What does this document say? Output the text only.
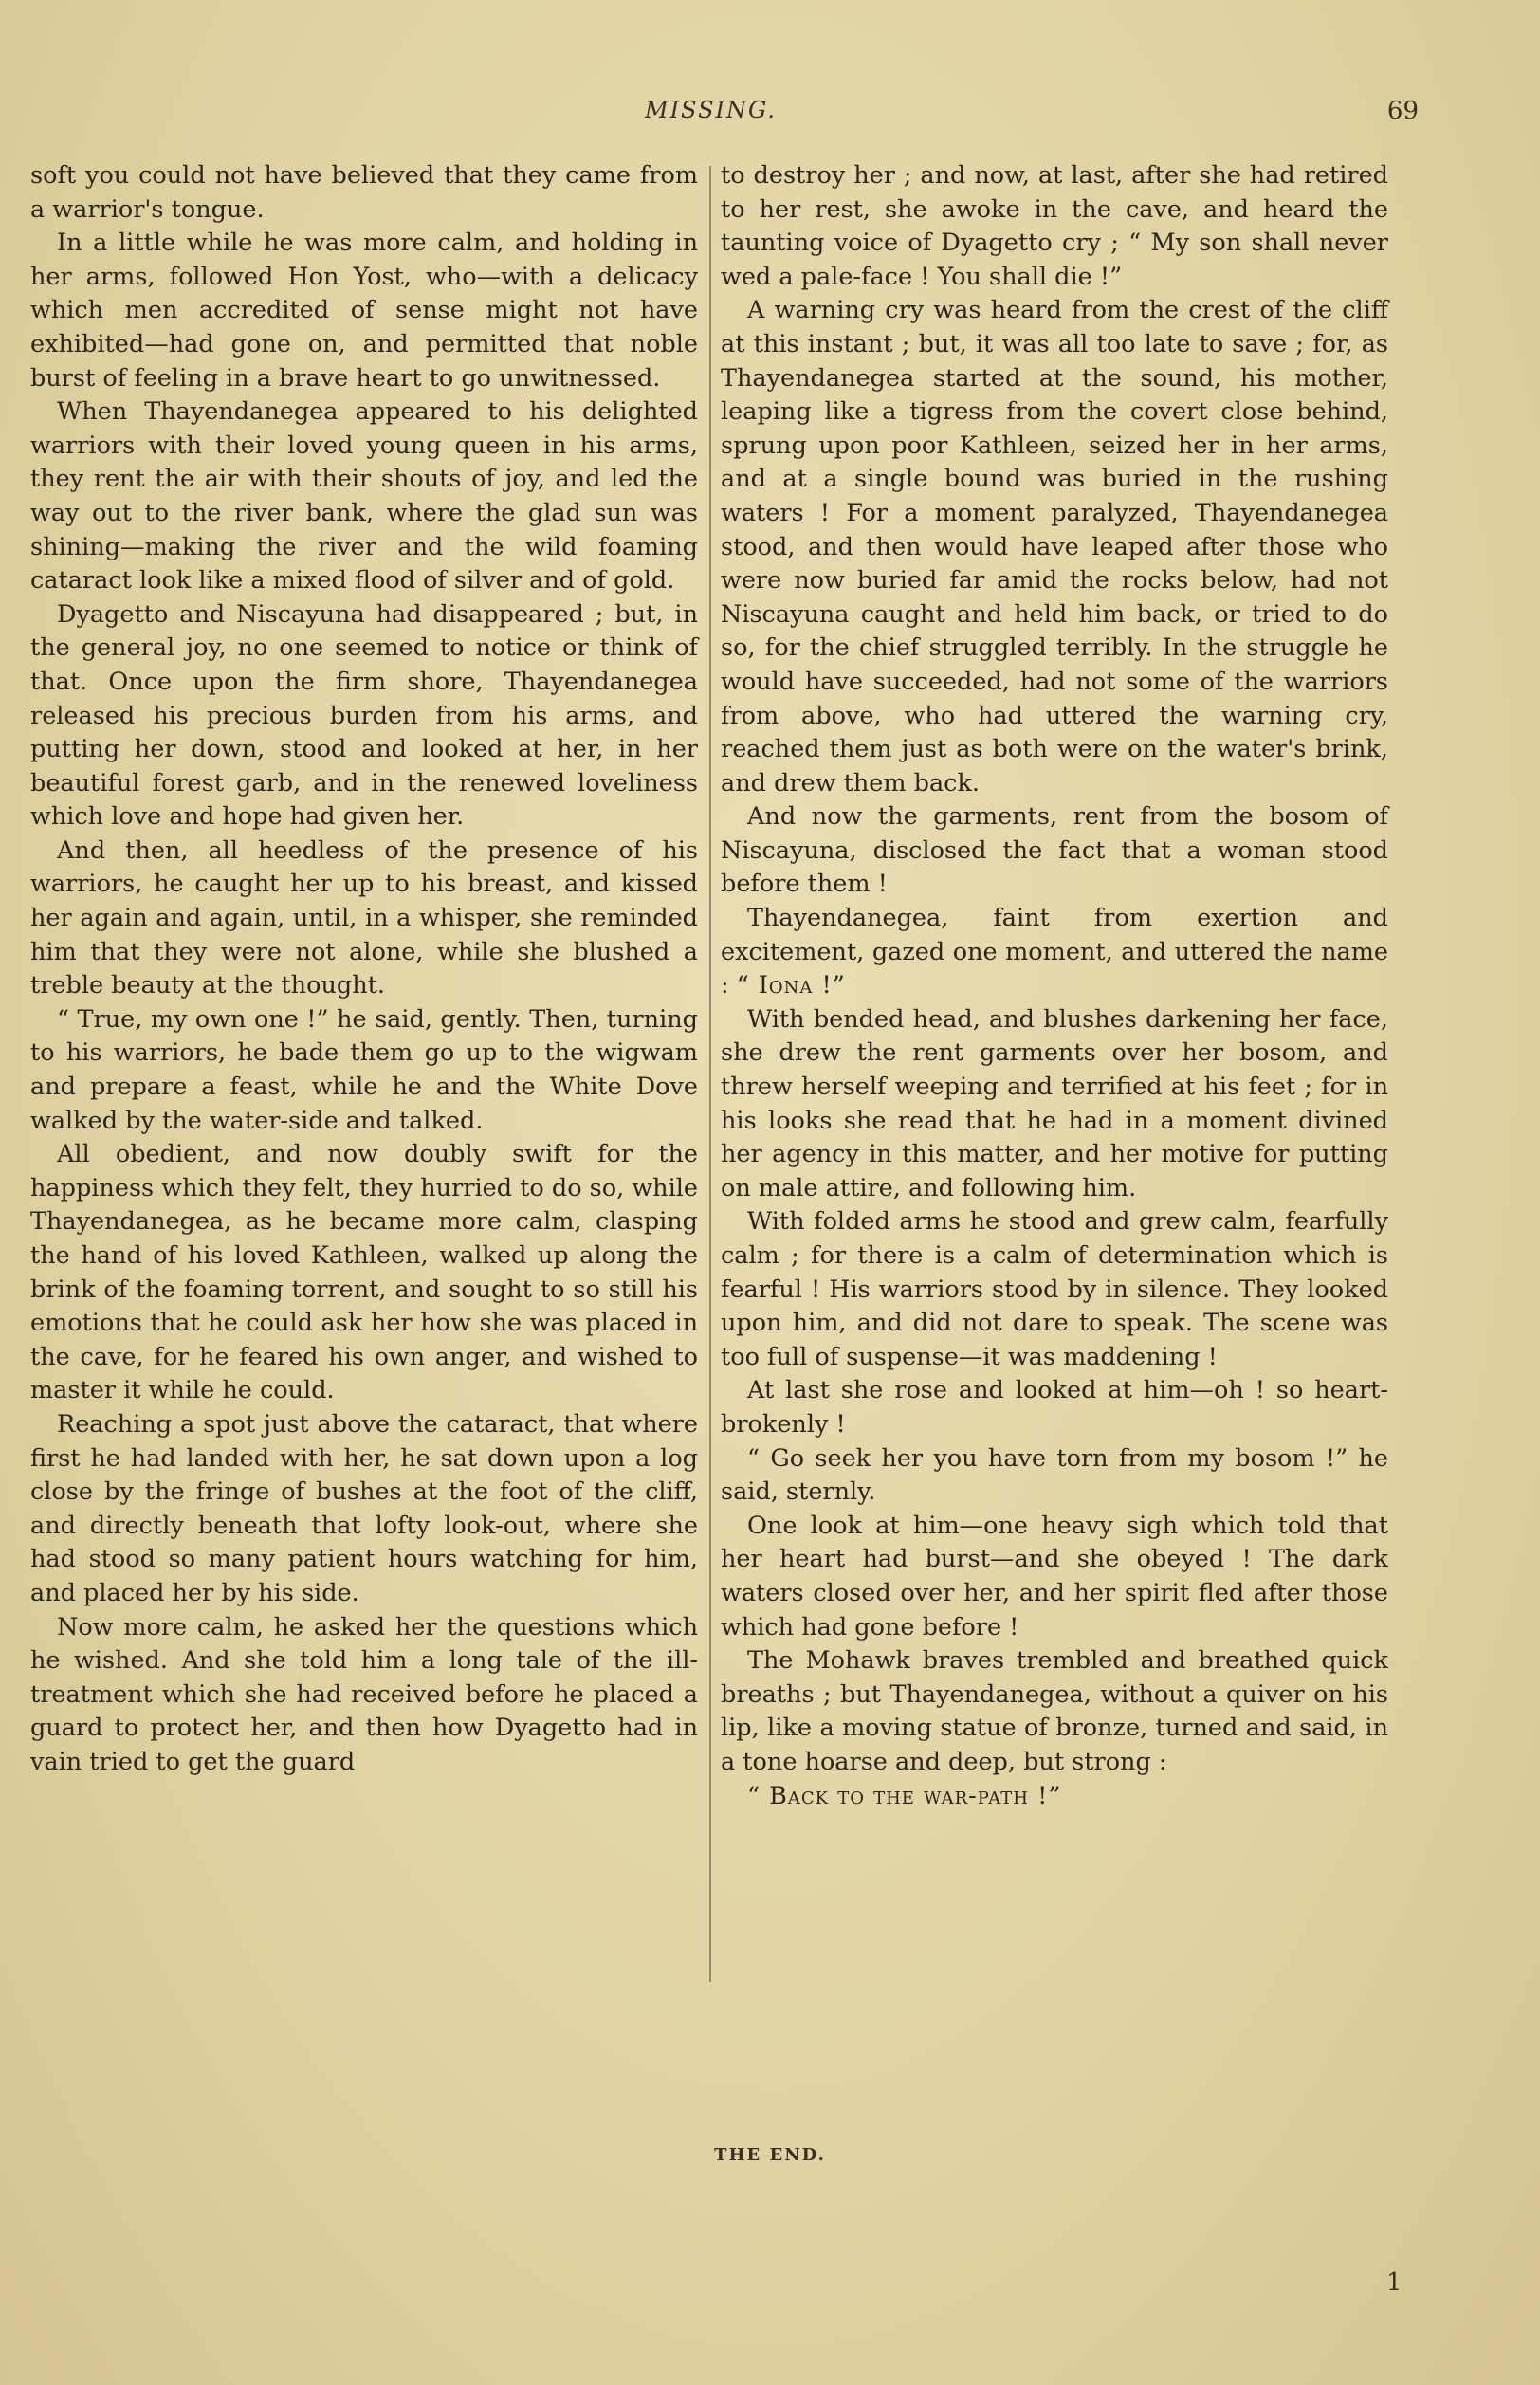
MISSING.	69

soft you could not have believed that they came from a warrior's tongue.

In a little while he was more calm, and holding in her arms, followed Hon Yost, who—with a delicacy which men accredited of sense might not have exhibited—had gone on, and permitted that noble burst of feeling in a brave heart to go unwitnessed.

When Thayendanegea appeared to his delighted warriors with their loved young queen in his arms, they rent the air with their shouts of joy, and led the way out to the river bank, where the glad sun was shining—making the river and the wild foaming cataract look like a mixed flood of silver and of gold.

Dyagetto and Niscayuna had disappeared ; but, in the general joy, no one seemed to notice or think of that. Once upon the firm shore, Thayendanegea released his precious burden from his arms, and putting her down, stood and looked at her, in her beautiful forest garb, and in the renewed loveliness which love and hope had given her.

And then, all heedless of the presence of his warriors, he caught her up to his breast, and kissed her again and again, until, in a whisper, she reminded him that they were not alone, while she blushed a treble beauty at the thought.

“ True, my own one !” he said, gently. Then, turning to his warriors, he bade them go up to the wigwam and prepare a feast, while he and the White Dove walked by the water-side and talked.

All obedient, and now doubly swift for the happiness which they felt, they hurried to do so, while Thayendanegea, as he became more calm, clasping the hand of his loved Kathleen, walked up along the brink of the foaming torrent, and sought to so still his emotions that he could ask her how she was placed in the cave, for he feared his own anger, and wished to master it while he could.

Reaching a spot just above the cataract, that where first he had landed with her, he sat down upon a log close by the fringe of bushes at the foot of the cliff, and directly beneath that lofty look-out, where she had stood so many patient hours watching for him, and placed her by his side.

Now more calm, he asked her the questions which he wished. And she told him a long tale of the ill-treatment which she had received before he placed a guard to protect her, and then how Dyagetto had in vain tried to get the guard

to destroy her ; and now, at last, after she had retired to her rest, she awoke in the cave, and heard the taunting voice of Dyagetto cry ; “ My son shall never wed a pale-face ! You shall die !”

A warning cry was heard from the crest of the cliff at this instant ; but, it was all too late to save ; for, as Thayendanegea started at the sound, his mother, leaping like a tigress from the covert close behind, sprung upon poor Kathleen, seized her in her arms, and at a single bound was buried in the rushing waters ! For a moment paralyzed, Thayendanegea stood, and then would have leaped after those who were now buried far amid the rocks below, had not Niscayuna caught and held him back, or tried to do so, for the chief struggled terribly. In the struggle he would have succeeded, had not some of the warriors from above, who had uttered the warning cry, reached them just as both were on the water's brink, and drew them back.

And now the garments, rent from the bosom of Niscayuna, disclosed the fact that a woman stood before them !

Thayendanegea, faint from exertion and excitement, gazed one moment, and uttered the name : “ Iona !”

With bended head, and blushes darkening her face, she drew the rent garments over her bosom, and threw herself weeping and terrified at his feet ; for in his looks she read that he had in a moment divined her agency in this matter, and her motive for putting on male attire, and following him.

With folded arms he stood and grew calm, fearfully calm ; for there is a calm of determination which is fearful ! His warriors stood by in silence. They looked upon him, and did not dare to speak. The scene was too full of suspense—it was maddening !

At last she rose and looked at him—oh ! so heart-brokenly !

“ Go seek her you have torn from my bosom !” he said, sternly.

One look at him—one heavy sigh which told that her heart had burst—and she obeyed ! The dark waters closed over her, and her spirit fled after those which had gone before !

The Mohawk braves trembled and breathed quick breaths ; but Thayendanegea, without a quiver on his lip, like a moving statue of bronze, turned and said, in a tone hoarse and deep, but strong :

“ Back to the war-path !”

THE END.
1
